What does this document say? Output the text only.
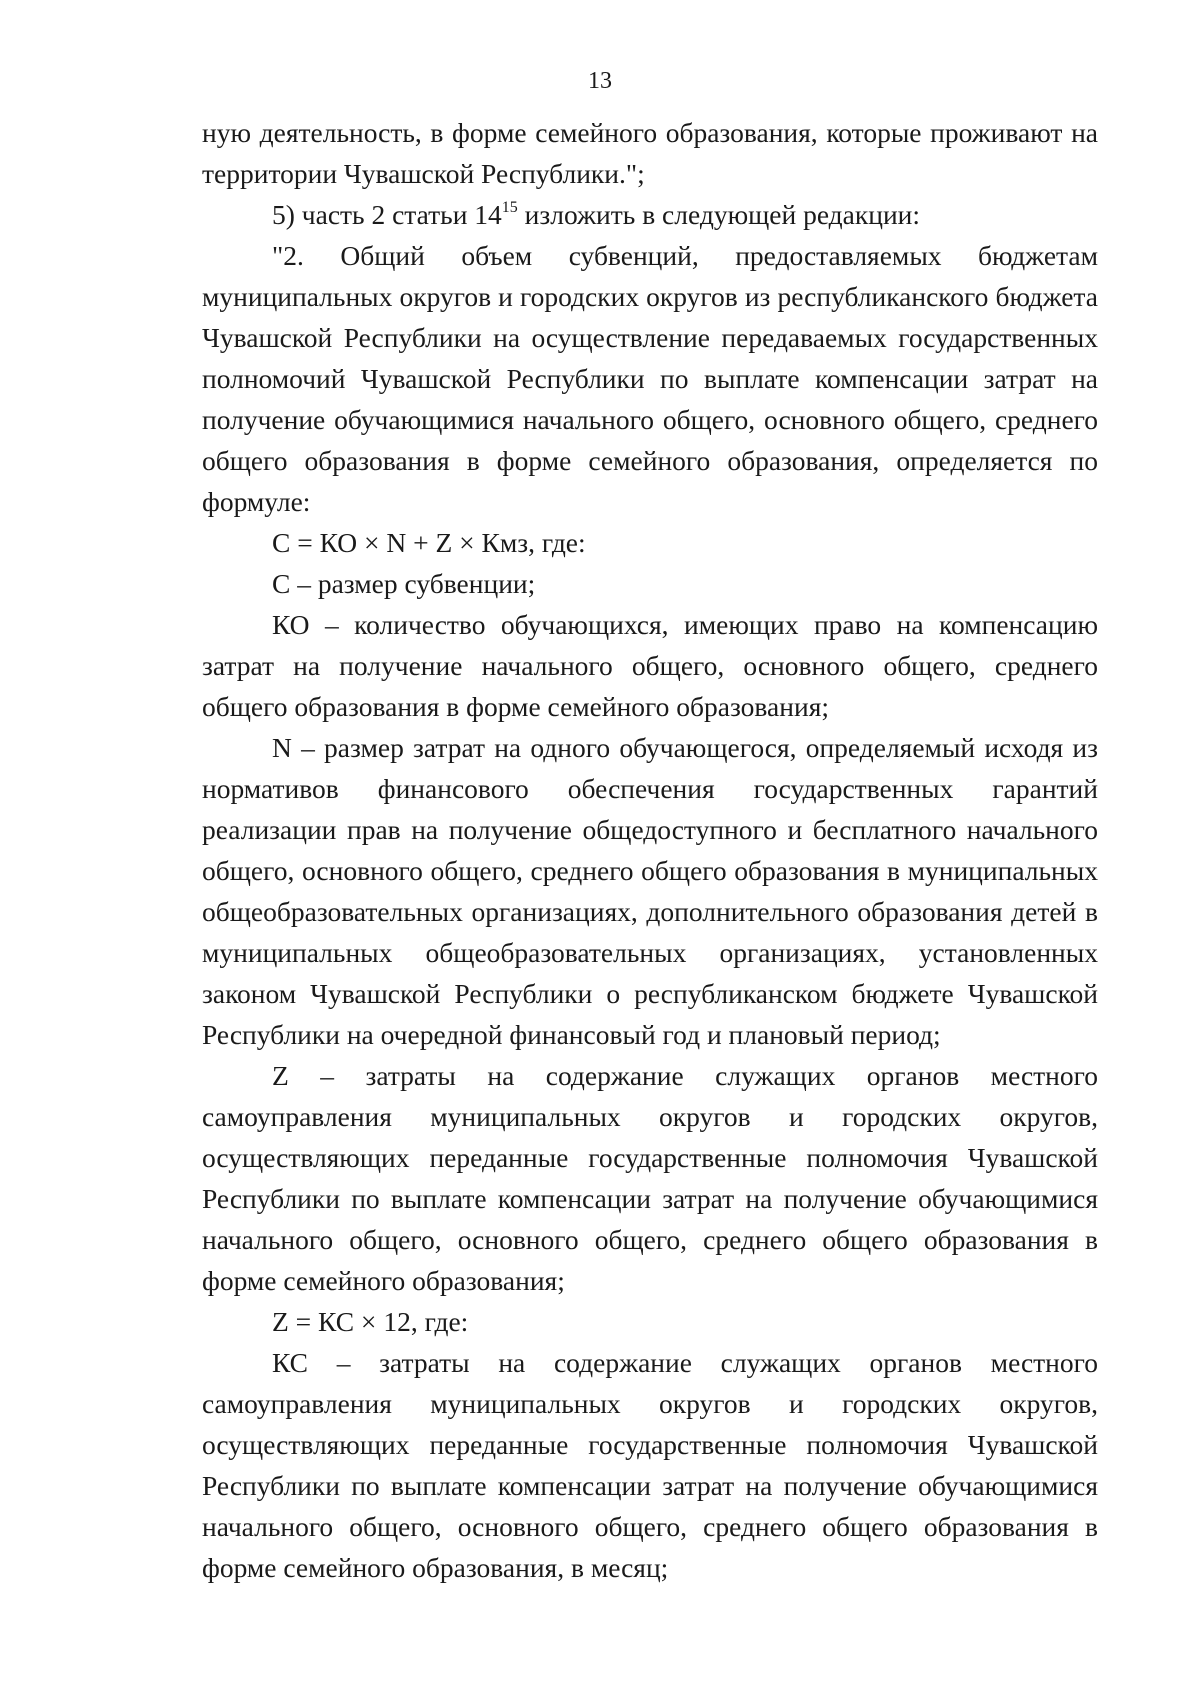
13

ную деятельность, в форме семейного образования, которые проживают на территории Чувашской Республики.";

5) часть 2 статьи $14^{15}$ изложить в следующей редакции:

"2. Общий объем субвенций, предоставляемых бюджетам муниципальных округов и городских округов из республиканского бюджета Чувашской Республики на осуществление передаваемых государственных полномочий Чувашской Республики по выплате компенсации затрат на получение обучающимися начального общего, основного общего, среднего общего образования в форме семейного образования, определяется по формуле:

С = КО × N + Z × Кмз, где:

С – размер субвенции;

КО – количество обучающихся, имеющих право на компенсацию затрат на получение начального общего, основного общего, среднего общего образования в форме семейного образования;

N – размер затрат на одного обучающегося, определяемый исходя из нормативов финансового обеспечения государственных гарантий реализации прав на получение общедоступного и бесплатного начального общего, основного общего, среднего общего образования в муниципальных общеобразовательных организациях, дополнительного образования детей в муниципальных общеобразовательных организациях, установленных законом Чувашской Республики о республиканском бюджете Чувашской Республики на очередной финансовый год и плановый период;

Z – затраты на содержание служащих органов местного самоуправления муниципальных округов и городских округов, осуществляющих переданные государственные полномочия Чувашской Республики по выплате компенсации затрат на получение обучающимися начального общего, основного общего, среднего общего образования в форме семейного образования;

Z = КС × 12, где:

КС – затраты на содержание служащих органов местного самоуправления муниципальных округов и городских округов, осуществляющих переданные государственные полномочия Чувашской Республики по выплате компенсации затрат на получение обучающимися начального общего, основного общего, среднего общего образования в форме семейного образования, в месяц;
